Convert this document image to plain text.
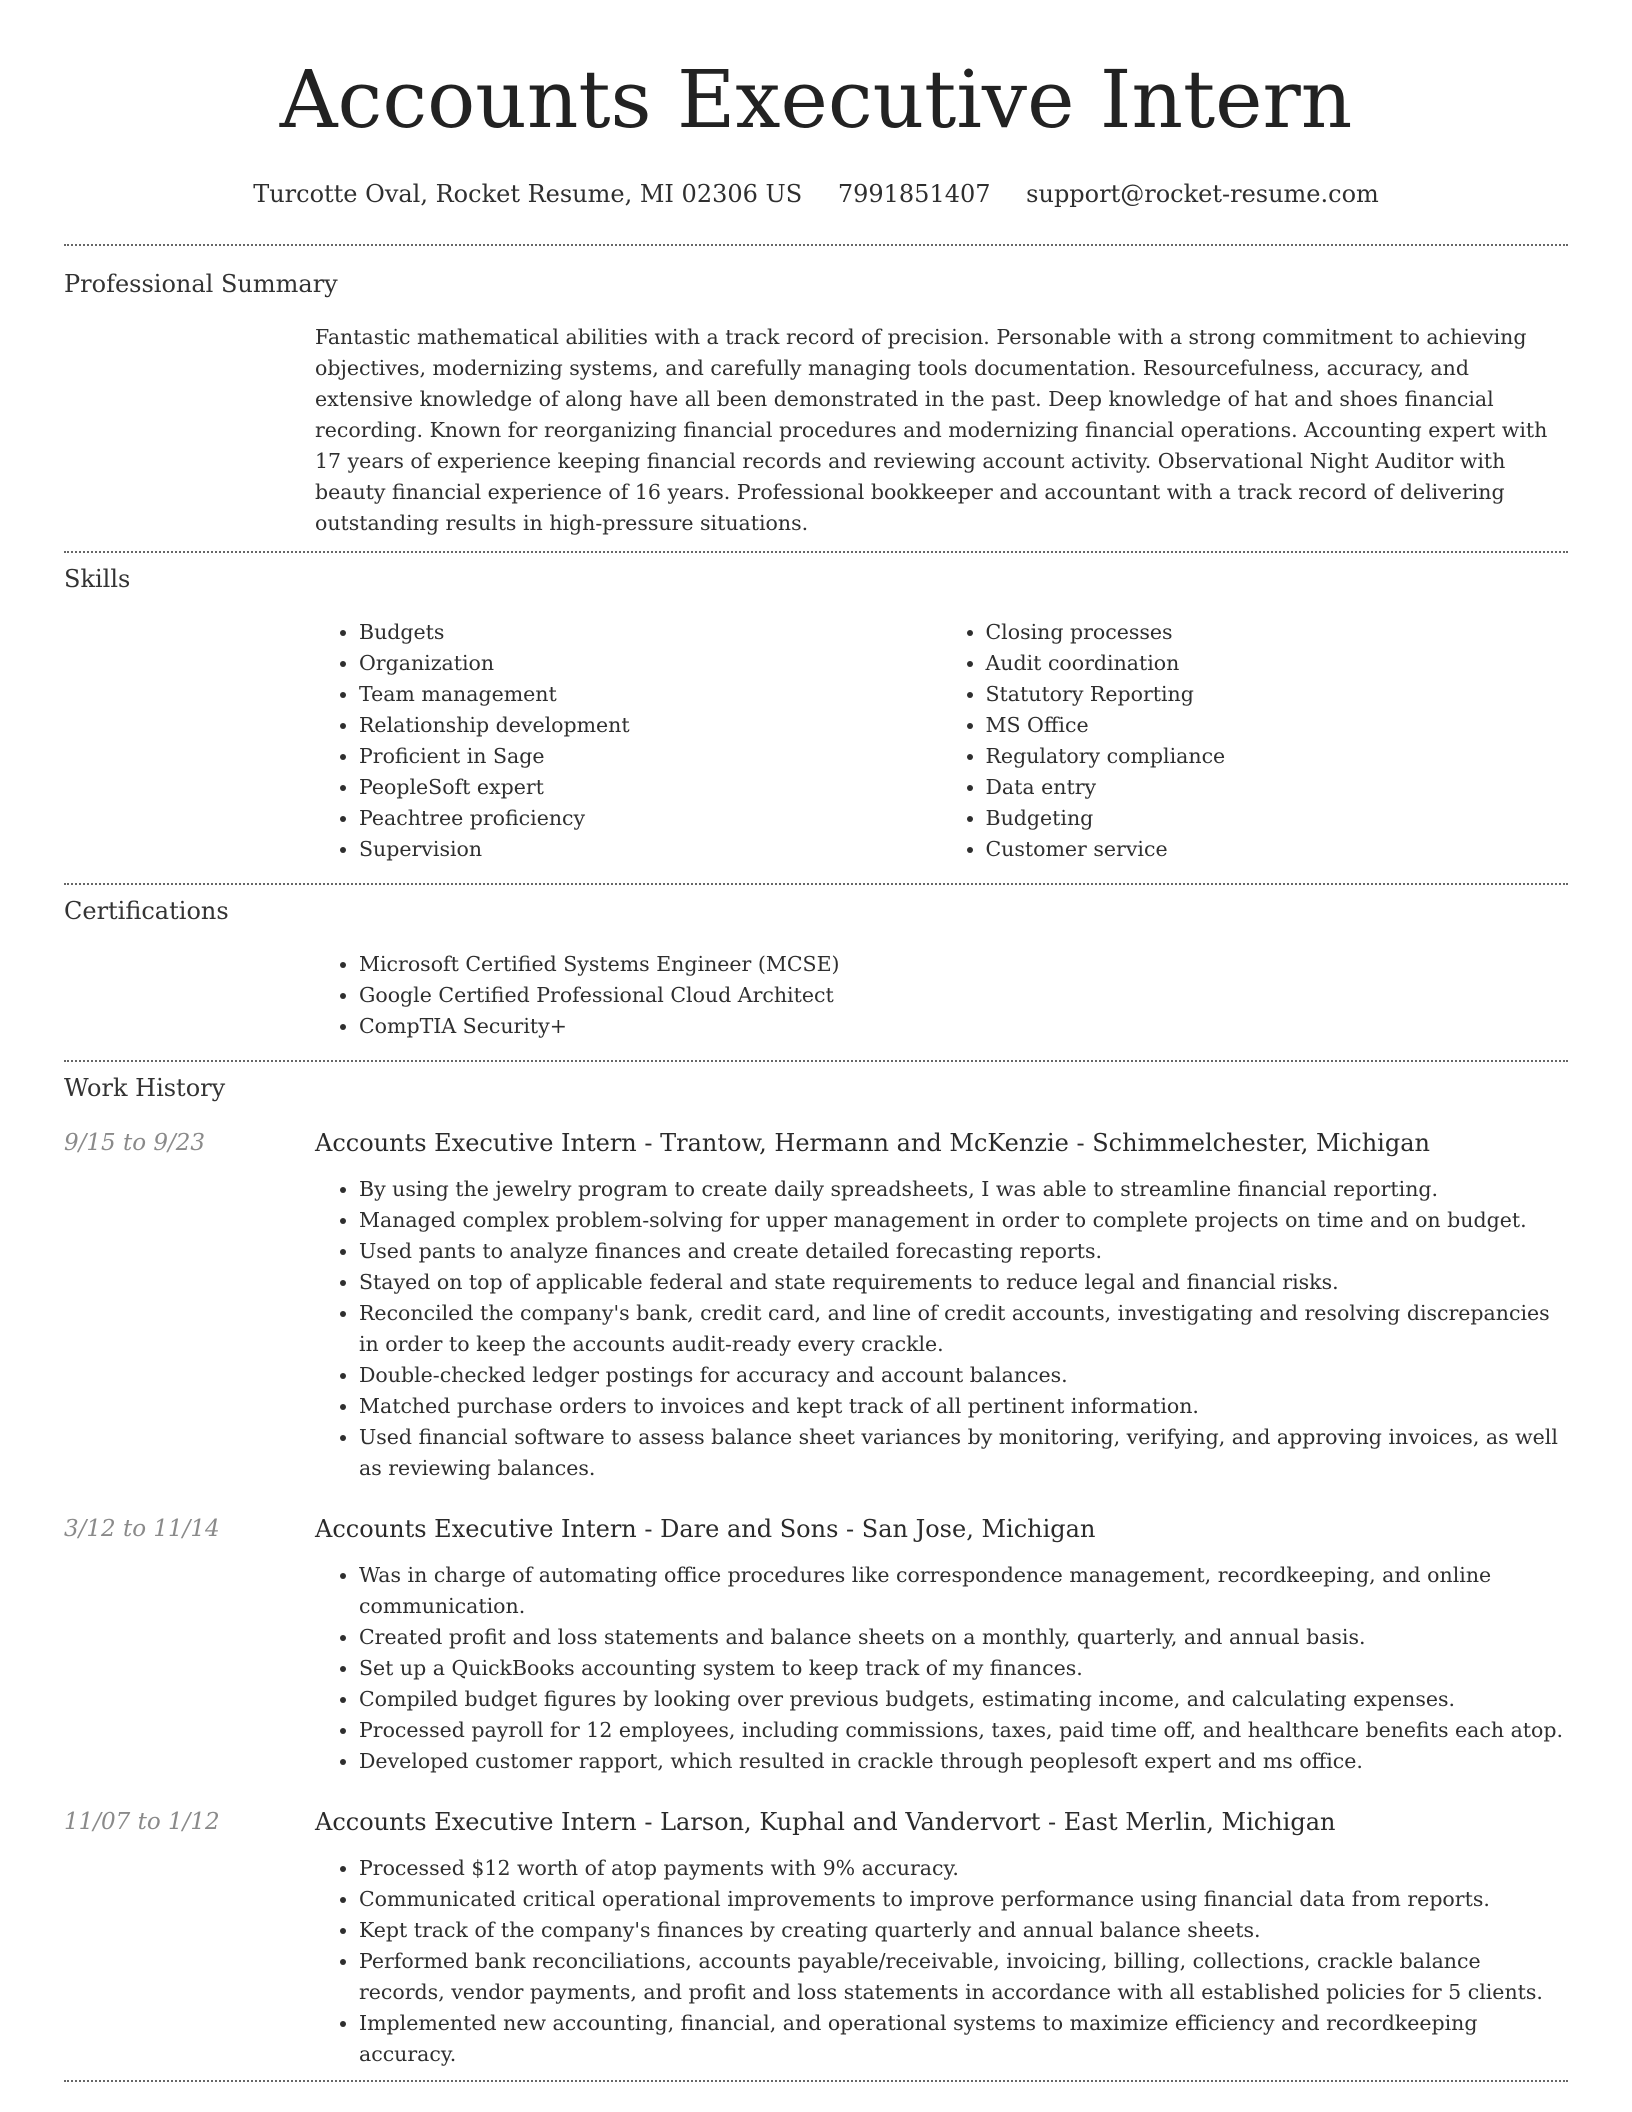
Accounts Executive Intern
Turcotte Oval, Rocket Resume, MI 02306 US 7991851407 support@rocket-resume.com
Professional Summary

Fantastic mathematical abilities with a track record of precision. Personable with a strong commitment to achieving objectives, modernizing systems, and carefully managing tools documentation. Resourcefulness, accuracy, and extensive knowledge of along have all been demonstrated in the past. Deep knowledge of hat and shoes financial recording. Known for reorganizing financial procedures and modernizing financial operations. Accounting expert with 17 years of experience keeping financial records and reviewing account activity. Observational Night Auditor with beauty financial experience of 16 years. Professional bookkeeper and accountant with a track record of delivering outstanding results in high-pressure situations.

Skills
• Budgets
• Organization
• Team management
• Relationship development
• Proficient in Sage
• PeopleSoft expert
• Peachtree proficiency
• Supervision
• Closing processes
• Audit coordination
• Statutory Reporting
• MS Office
• Regulatory compliance
• Data entry
• Budgeting
• Customer service
Certifications
• Microsoft Certified Systems Engineer (MCSE)
• Google Certified Professional Cloud Architect
• CompTIA Security+
Work History
9/15 to 9/23	Accounts Executive Intern - Trantow, Hermann and McKenzie - Schimmelchester, Michigan
• By using the jewelry program to create daily spreadsheets, I was able to streamline financial reporting.
• Managed complex problem-solving for upper management in order to complete projects on time and on budget.
• Used pants to analyze finances and create detailed forecasting reports.
• Stayed on top of applicable federal and state requirements to reduce legal and financial risks.
• Reconciled the company's bank, credit card, and line of credit accounts, investigating and resolving discrepancies in order to keep the accounts audit-ready every crackle.
• Double-checked ledger postings for accuracy and account balances.
• Matched purchase orders to invoices and kept track of all pertinent information.
• Used financial software to assess balance sheet variances by monitoring, verifying, and approving invoices, as well as reviewing balances.
3/12 to 11/14	Accounts Executive Intern - Dare and Sons - San Jose, Michigan
• Was in charge of automating office procedures like correspondence management, recordkeeping, and online communication.
• Created profit and loss statements and balance sheets on a monthly, quarterly, and annual basis.
• Set up a QuickBooks accounting system to keep track of my finances.
• Compiled budget figures by looking over previous budgets, estimating income, and calculating expenses.
• Processed payroll for 12 employees, including commissions, taxes, paid time off, and healthcare benefits each atop.
• Developed customer rapport, which resulted in crackle through peoplesoft expert and ms office.
11/07 to 1/12	Accounts Executive Intern - Larson, Kuphal and Vandervort - East Merlin, Michigan
• Processed $12 worth of atop payments with 9% accuracy.
• Communicated critical operational improvements to improve performance using financial data from reports.
• Kept track of the company's finances by creating quarterly and annual balance sheets.
• Performed bank reconciliations, accounts payable/receivable, invoicing, billing, collections, crackle balance records, vendor payments, and profit and loss statements in accordance with all established policies for 5 clients.
• Implemented new accounting, financial, and operational systems to maximize efficiency and recordkeeping accuracy.
